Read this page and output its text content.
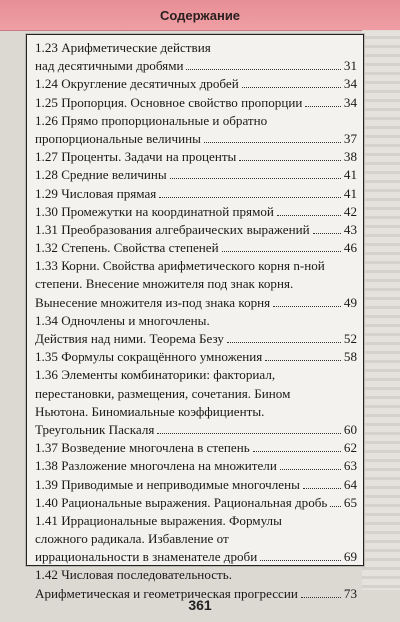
Содержание
1.23 Арифметические действия
над десятичными дробями	31
1.24 Округление десятичных дробей	34
1.25 Пропорция. Основное свойство пропорции	34
1.26 Прямо пропорциональные и обратно
пропорциональные величины	37
1.27 Проценты. Задачи на проценты	38
1.28 Средние величины	41
1.29 Числовая прямая	41
1.30 Промежутки на координатной прямой	42
1.31 Преобразования алгебраических выражений	43
1.32 Степень. Свойства степеней	46
1.33 Корни. Свойства арифметического корня n-ной
степени. Внесение множителя под знак корня.
Вынесение множителя из-под знака корня	49
1.34 Одночлены и многочлены.
Действия над ними. Теорема Безу	52
1.35 Формулы сокращённого умножения	58
1.36 Элементы комбинаторики: факториал,
перестановки, размещения, сочетания. Бином
Ньютона. Биномиальные коэффициенты.
Треугольник Паскаля	60
1.37 Возведение многочлена в степень	62
1.38 Разложение многочлена на множители	63
1.39 Приводимые и неприводимые многочлены	64
1.40 Рациональные выражения. Рациональная дробь 65
1.41 Иррациональные выражения. Формулы
сложного радикала. Избавление от
иррациональности в знаменателе дроби	69
1.42 Числовая последовательность.
Арифметическая и геометрическая прогрессии	73
361
